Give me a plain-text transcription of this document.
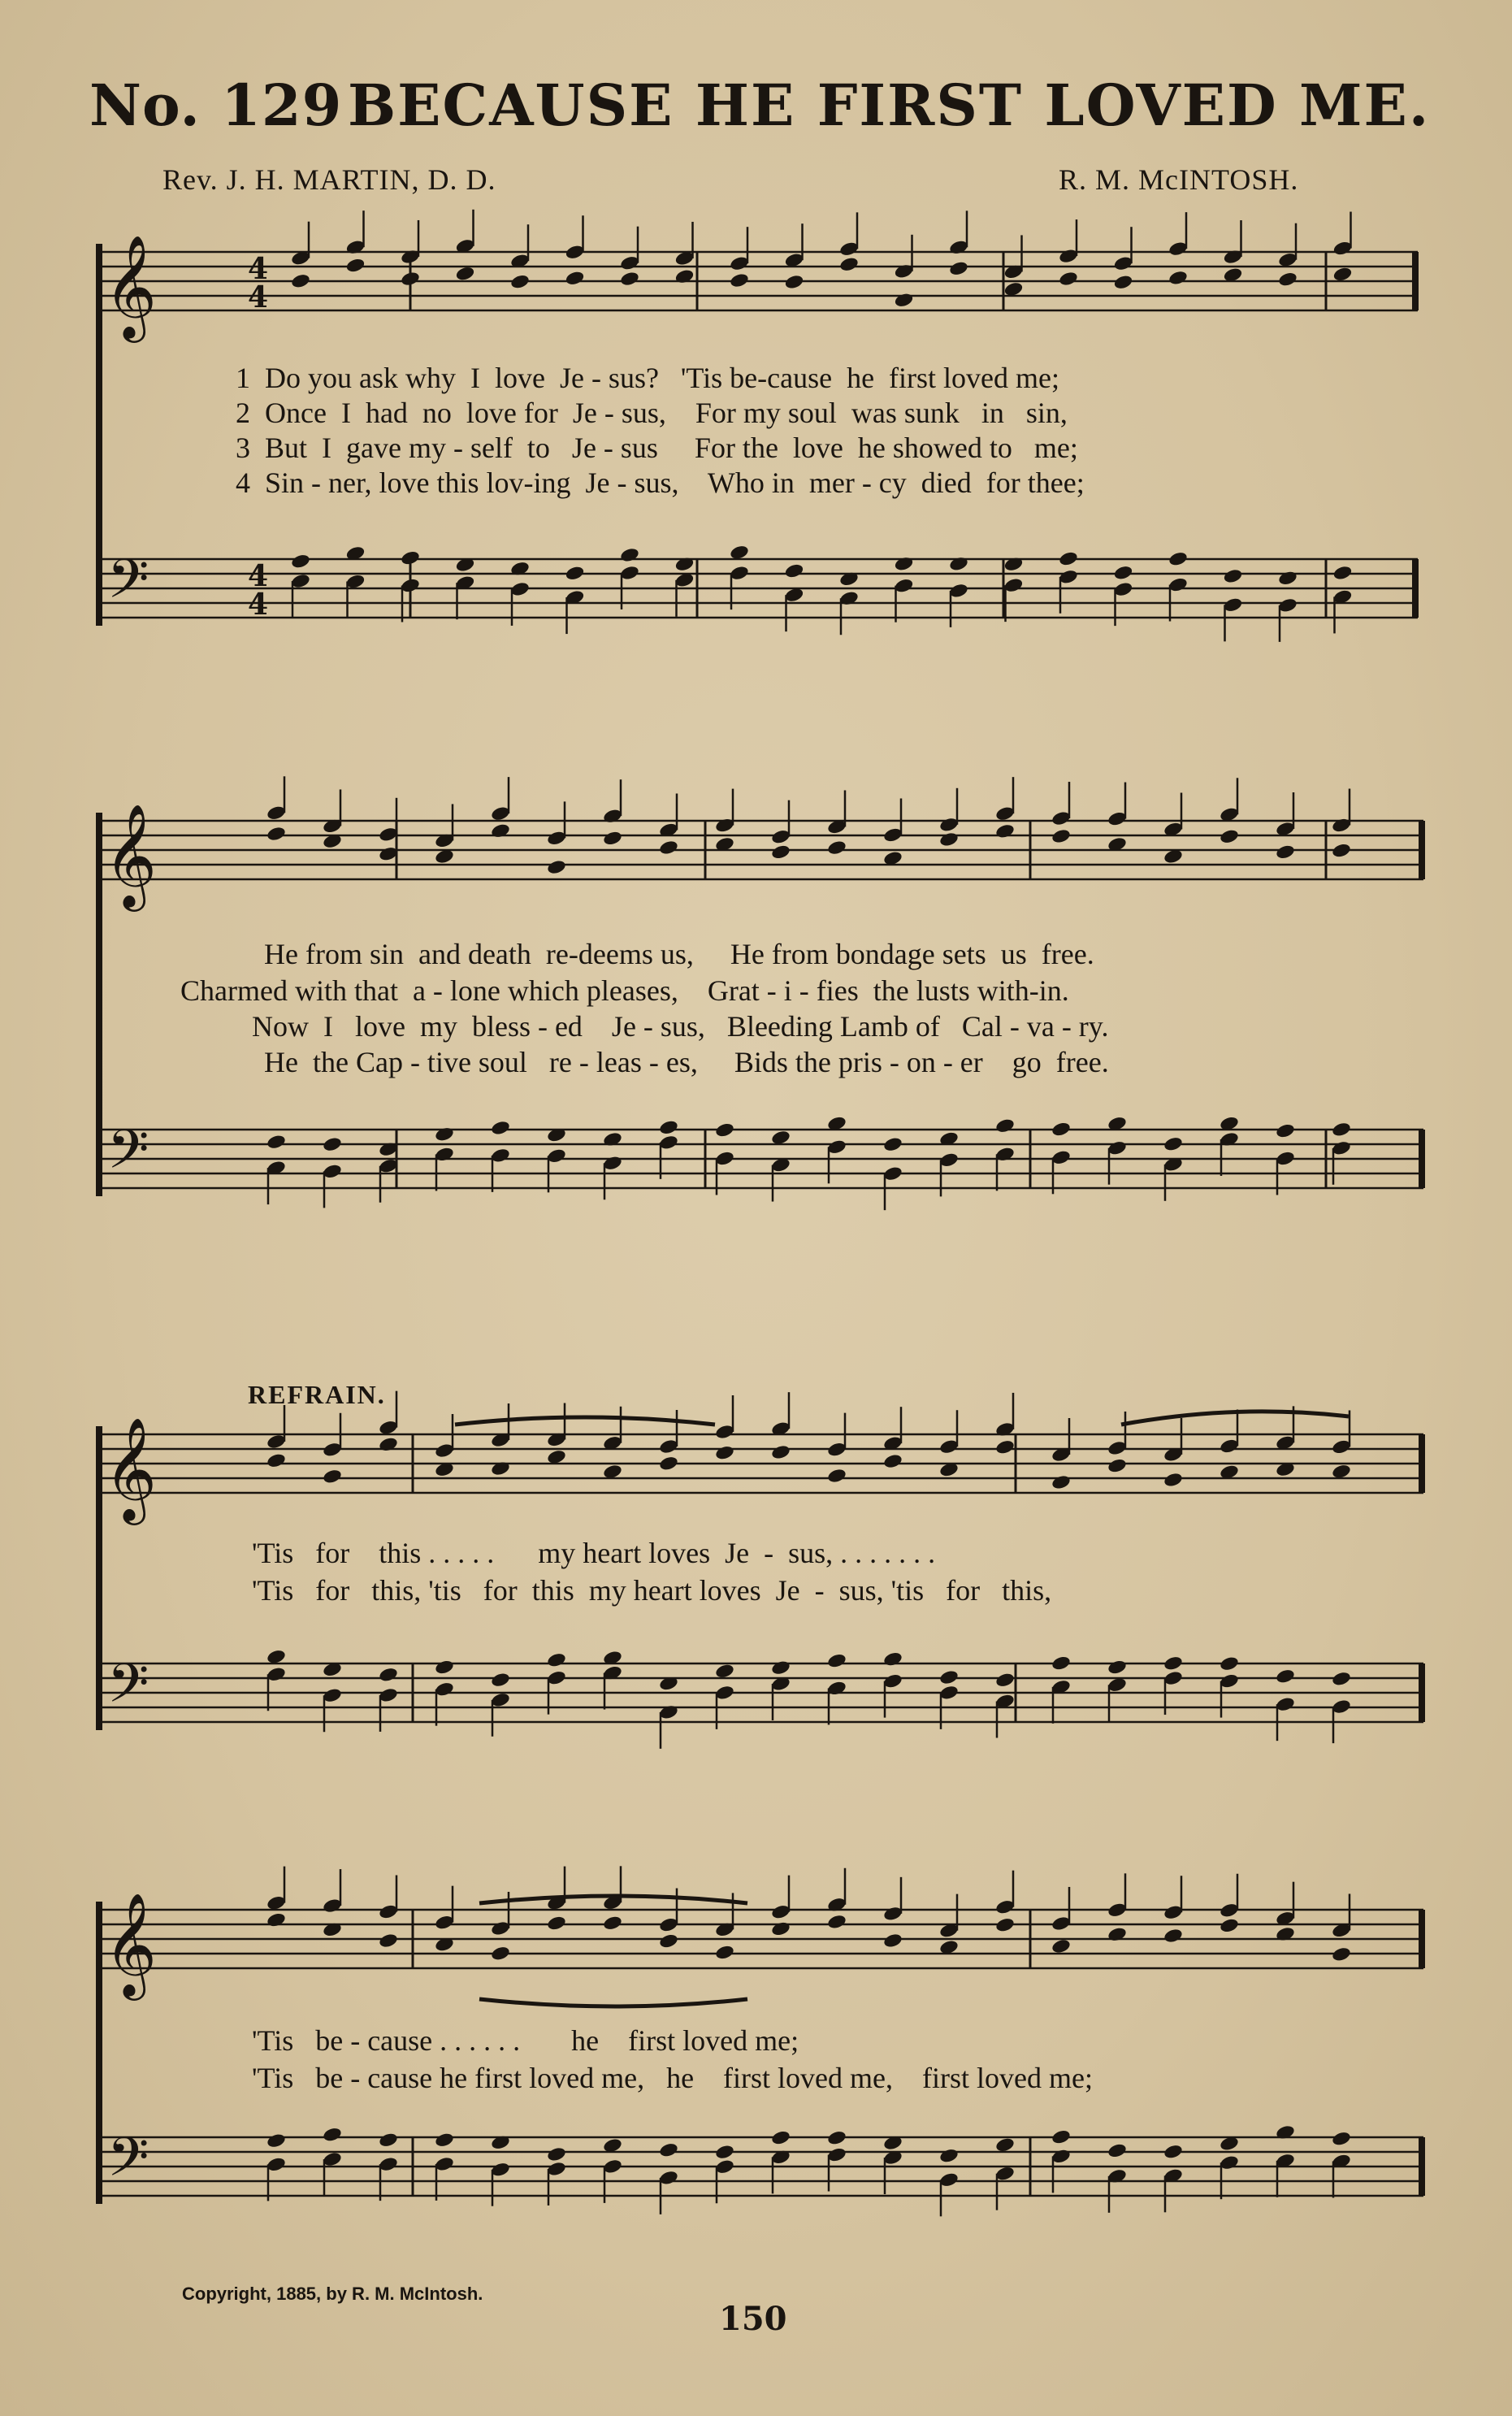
No. 129 BECAUSE HE FIRST LOVED ME.
Rev. J. H. MARTIN, D. D.	R. M. McINTOSH.
𝄞
𝄢
4
4
4
4
1  Do you ask why  I  love  Je - sus?   'Tis be-cause  he  first loved me;
2  Once  I  had  no  love for  Je - sus,    For my soul  was sunk   in   sin,
3  But  I  gave my - self  to   Je - sus     For the  love  he showed to   me;
4  Sin - ner, love this lov-ing  Je - sus,    Who in  mer - cy  died  for thee;
𝄞
𝄢
He from sin  and death  re-deems us,     He from bondage sets  us  free.
Charmed with that  a - lone which pleases,    Grat - i - fies  the lusts with-in.
Now  I   love  my  bless - ed    Je - sus,   Bleeding Lamb of   Cal - va - ry.
He  the Cap - tive soul   re - leas - es,     Bids the pris - on - er    go  free.
REFRAIN.
𝄞
𝄢
'Tis   for    this . . . . .      my heart loves  Je  -  sus, . . . . . . .
'Tis   for   this, 'tis   for  this  my heart loves  Je  -  sus, 'tis   for   this,
𝄞
𝄢
'Tis   be - cause . . . . . .       he    first loved me;
'Tis   be - cause he first loved me,   he    first loved me,    first loved me;
Copyright, 1885, by R. M. McIntosh.
150
